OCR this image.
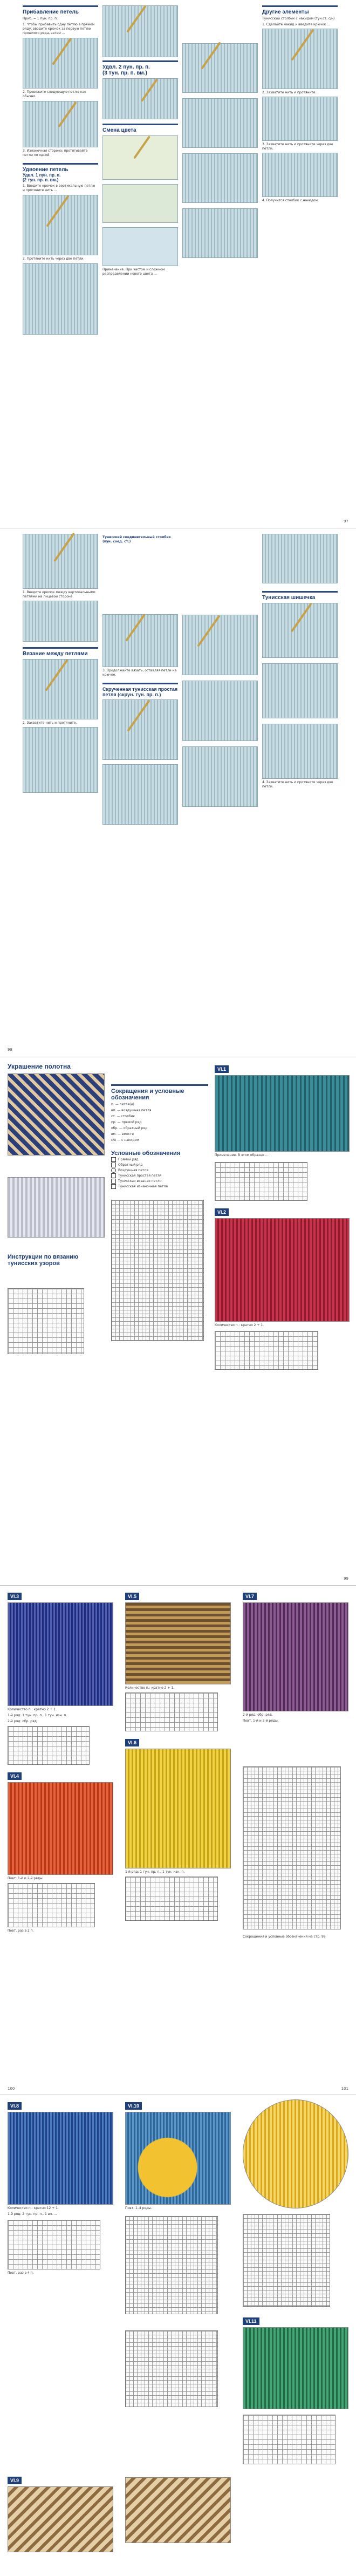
Прибавление петель
Приб. = 1 пун. пр. п.
1. Чтобы прибавить одну петлю в прямом ряду, вводите крючок за первую петлю прошлого ряда, затем ...
2. Провяжите следующую петлю как обычно.
3. Изнаночная сторона: протягивайте петли по одной.
Удвоение петель
Удвл. 1 пун. пр. п.
(2 тун. пр. п. вм.)
1. Введите крючок в вертикальную петлю и протяните нить ...
2. Протяните нить через две петли.
Удвл. 2 пун. пр. п.
(3 тун. пр. п. вм.)
Смена цвета
Примечание. При частом и сложном распределении нового цвета ...
Другие элементы
Тунисский столбик с накидом (тун.ст. с/н)
1. Сделайте накид и введите крючок ...
2. Захватите нить и протяните.
3. Захватите нить и протяните через две петли.
4. Получится столбик с накидом.
97
1. Введите крючок между вертикальными петлями на лицевой стороне.
Вязание между петлями
2. Захватите нить и протяните.
Тунисский соединительный столбик (пун. соед. ст.)
3. Продолжайте вязать, оставляя петли на крючке.
Скрученная тунисская простая петля (скрун. тун. пр. п.)
Тунисская шишечка
4. Захватите нить и протяните через две петли.
98
Украшение полотна
Инструкции по вязанию тунисских узоров
Сокращения и условные обозначения
п. — петля(и)
вп. — воздушная петля
ст. — столбик
пр. — прямой ряд
обр. — обратный ряд
вм. — вместе
с/н — с накидом
Условные обозначения
Прямой ряд
Обратный ряд
Воздушная петля
Тунисская простая петля
Тунисская вязаная петля
Тунисская изнаночная петля
VI.1
Примечание. В этом образце ...
VI.2
Количество п.: кратно 2 + 1.
99
VI.3
Количество п.: кратно 2 + 1.
1-й ряд: 1 тун. пр. п., 1 тун. изн. п.
2-й ряд: обр. ряд.
VI.4
Повт. 1-й и 2-й ряды.
Повт. раз в 2 п.
VI.5
Количество п.: кратно 2 + 1.
VI.6
1-й ряд: 1 тун. пр. п., 1 тун. изн. п.
VI.7
2-й ряд: обр. ряд.
Повт. 1-й и 2-й ряды.
Сокращения и условные обозначения на стр. 99
100	101
VI.8
Количество п.: кратно 12 + 1.
1-й ряд: 2 тун. пр. п., 1 вп. ...
Повт. раз в 4 п.
VI.9
VI.10
Повт. 1–4 ряды.
VI.11
